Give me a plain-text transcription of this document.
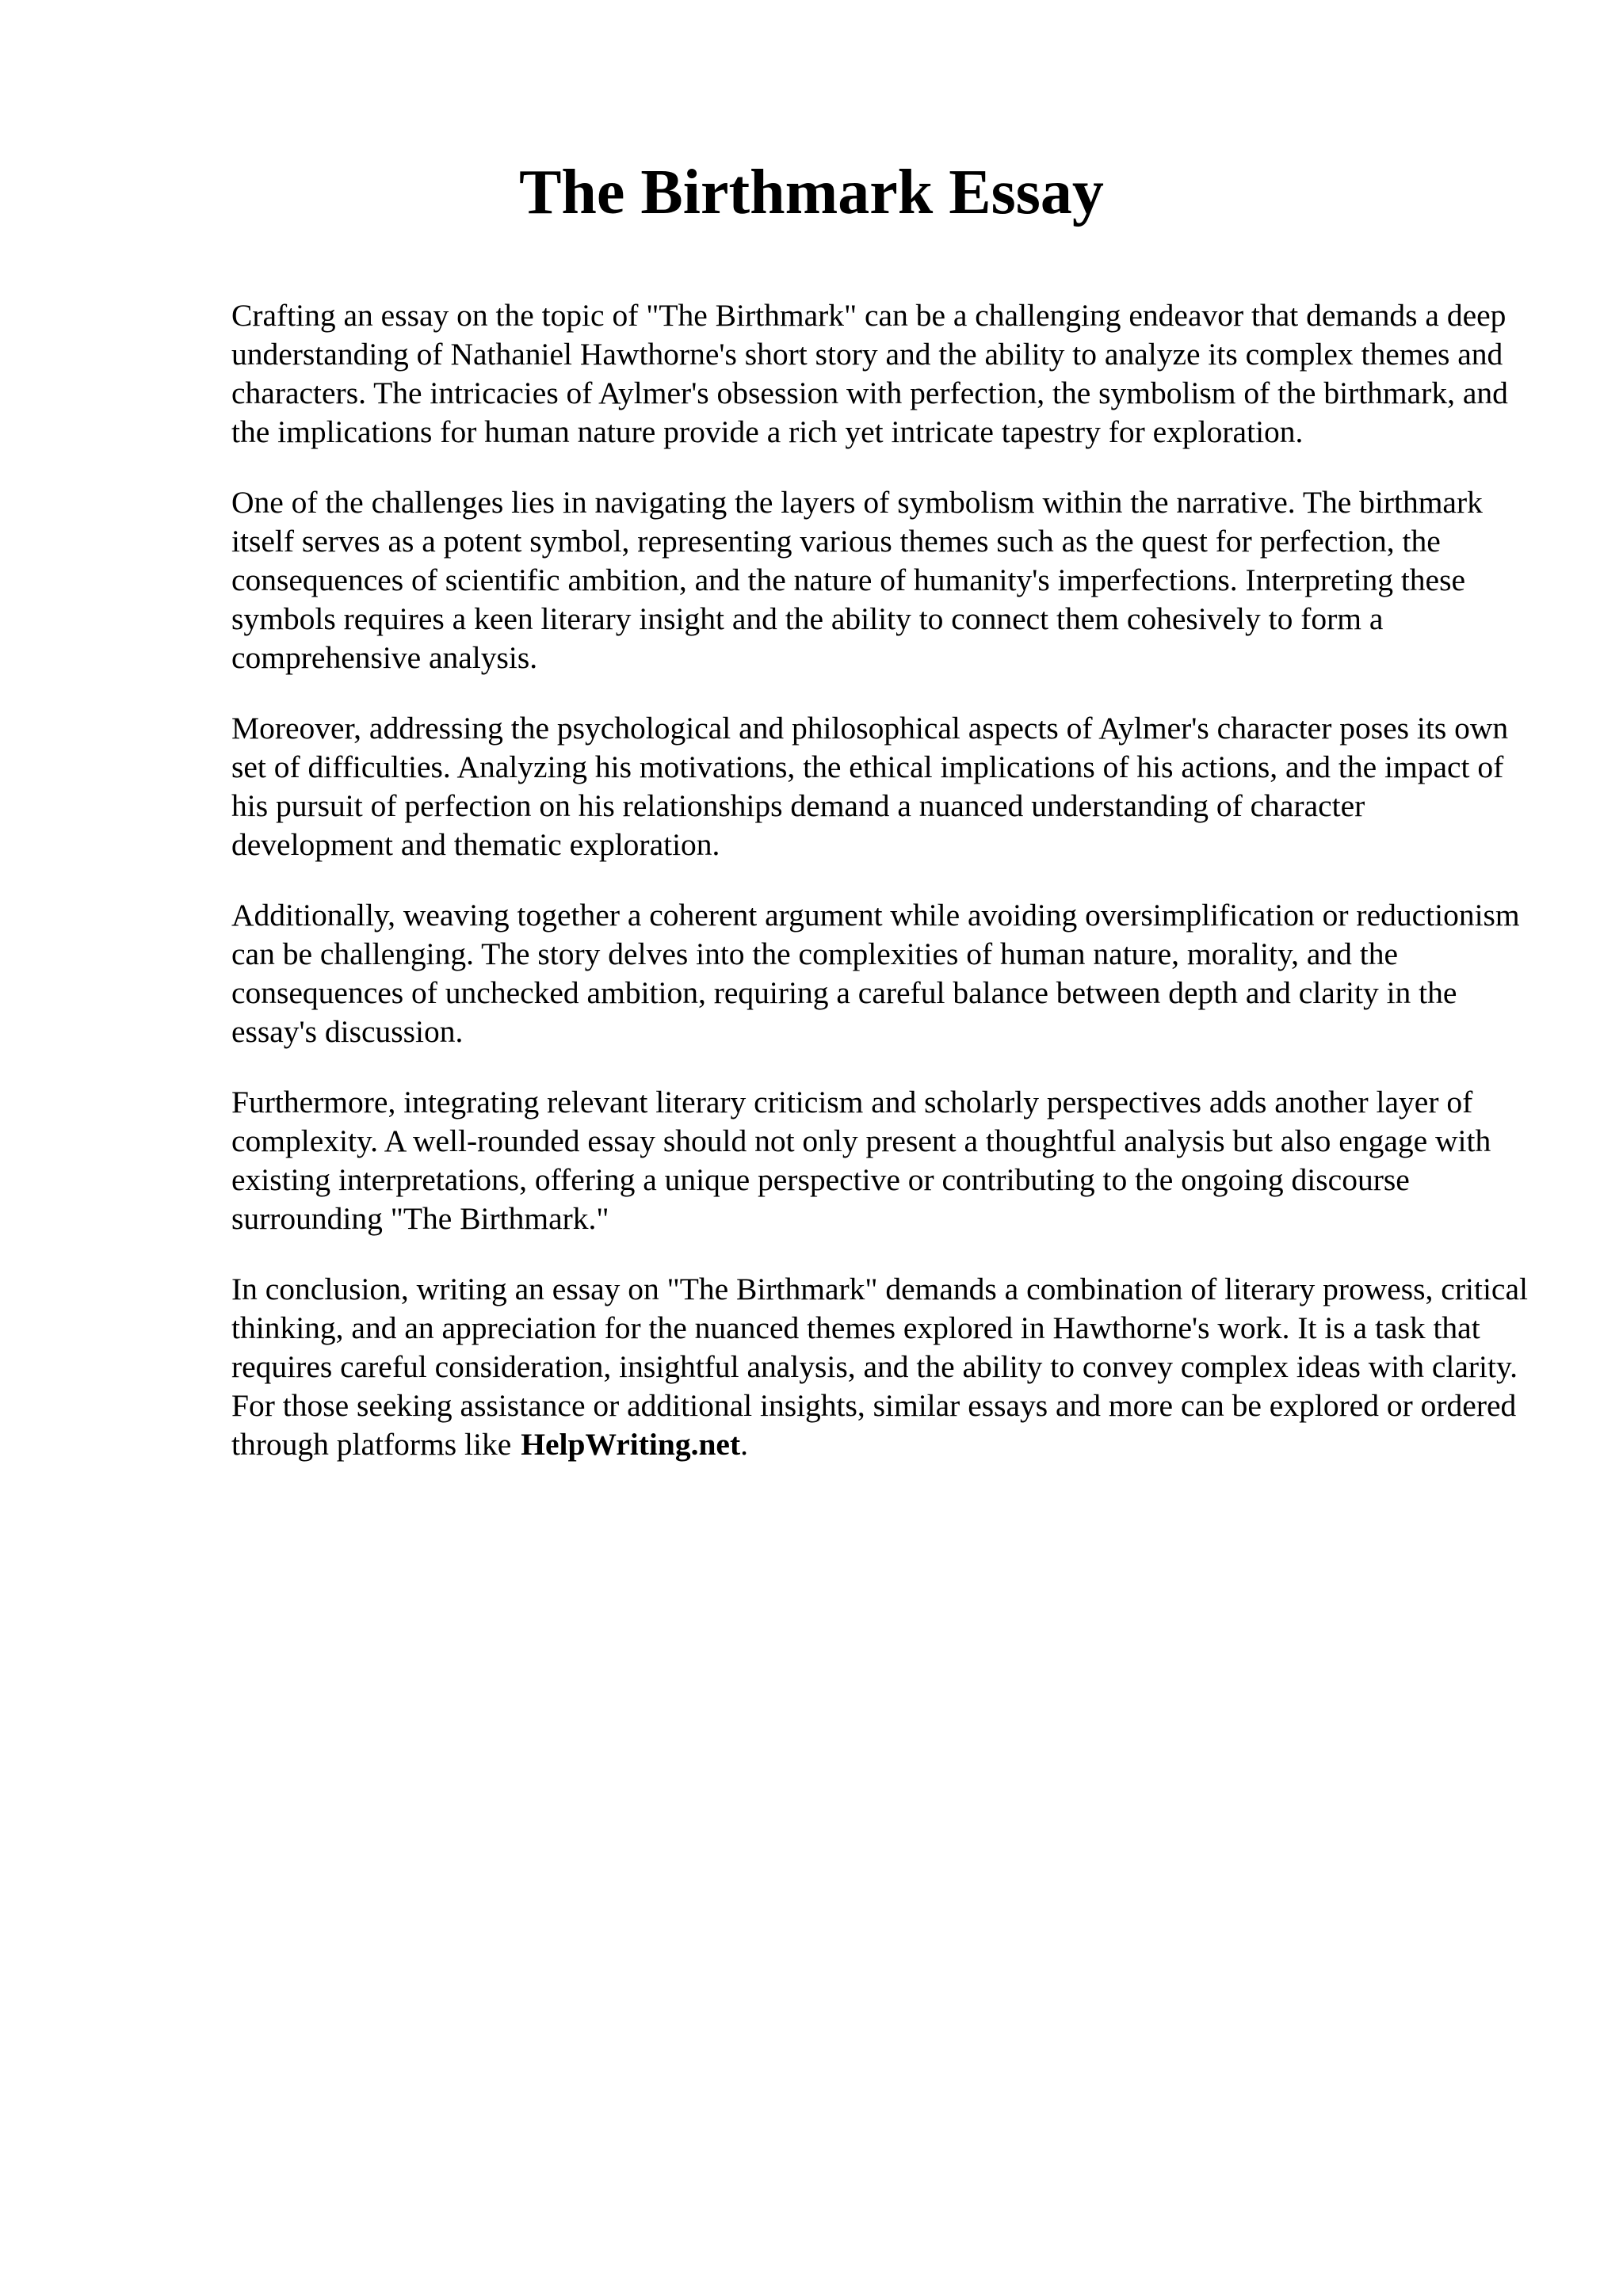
The Birthmark Essay

Crafting an essay on the topic of "The Birthmark" can be a challenging endeavor that demands a deep understanding of Nathaniel Hawthorne's short story and the ability to analyze its complex themes and characters. The intricacies of Aylmer's obsession with perfection, the symbolism of the birthmark, and the implications for human nature provide a rich yet intricate tapestry for exploration.

One of the challenges lies in navigating the layers of symbolism within the narrative. The birthmark itself serves as a potent symbol, representing various themes such as the quest for perfection, the consequences of scientific ambition, and the nature of humanity's imperfections. Interpreting these symbols requires a keen literary insight and the ability to connect them cohesively to form a comprehensive analysis.

Moreover, addressing the psychological and philosophical aspects of Aylmer's character poses its own set of difficulties. Analyzing his motivations, the ethical implications of his actions, and the impact of his pursuit of perfection on his relationships demand a nuanced understanding of character development and thematic exploration.

Additionally, weaving together a coherent argument while avoiding oversimplification or reductionism can be challenging. The story delves into the complexities of human nature, morality, and the consequences of unchecked ambition, requiring a careful balance between depth and clarity in the essay's discussion.

Furthermore, integrating relevant literary criticism and scholarly perspectives adds another layer of complexity. A well-rounded essay should not only present a thoughtful analysis but also engage with existing interpretations, offering a unique perspective or contributing to the ongoing discourse surrounding "The Birthmark."

In conclusion, writing an essay on "The Birthmark" demands a combination of literary prowess, critical thinking, and an appreciation for the nuanced themes explored in Hawthorne's work. It is a task that requires careful consideration, insightful analysis, and the ability to convey complex ideas with clarity. For those seeking assistance or additional insights, similar essays and more can be explored or ordered through platforms like HelpWriting.net.
